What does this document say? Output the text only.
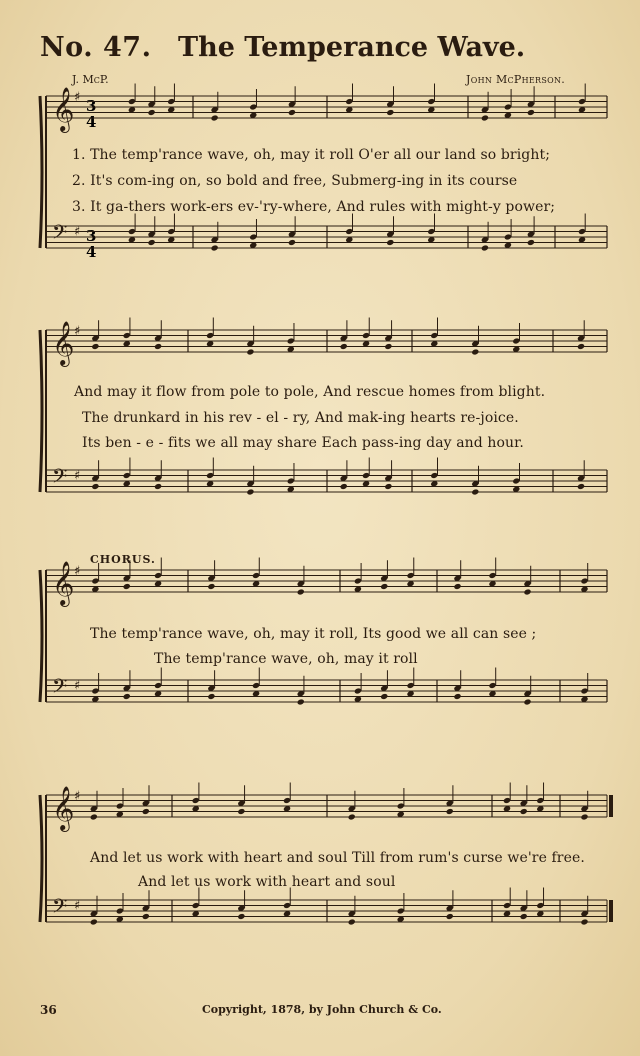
No. 47. The Temperance Wave.
J. McP.	John McPherson.
3
4
3
4
𝄞
𝄢
♯
♯
𝄞
𝄢
♯
♯
𝄞
𝄢
♯
♯
𝄞
𝄢
♯
♯
1. The temp'rance wave, oh, may it roll O'er all our land so bright;
2. It's com-ing on, so bold and free, Submerg-ing in its course
3. It ga-thers work-ers ev-'ry-where, And rules with might-y power;
And may it flow from pole to pole, And rescue homes from blight.
The drunkard in his rev - el - ry, And mak-ing hearts re-joice.
Its ben - e - fits we all may share Each pass-ing day and hour.
CHORUS.
The temp'rance wave, oh, may it roll, Its good we all can see ;
The temp'rance wave, oh, may it roll
And let us work with heart and soul Till from rum's curse we're free.
And let us work with heart and soul
36	Copyright, 1878, by John Church & Co.
